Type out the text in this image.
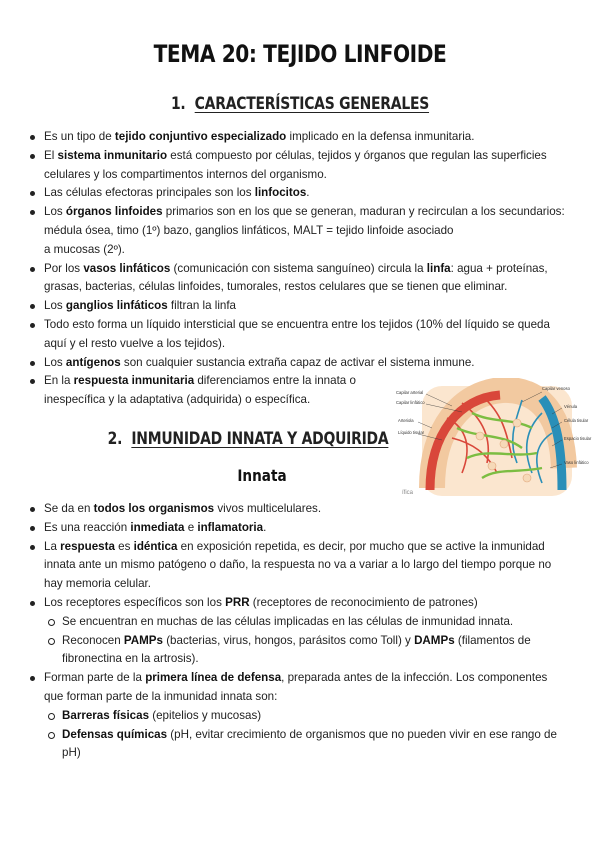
TEMA 20: TEJIDO LINFOIDE
1. CARACTERÍSTICAS GENERALES
Es un tipo de tejido conjuntivo especializado implicado en la defensa inmunitaria.
El sistema inmunitario está compuesto por células, tejidos y órganos que regulan las superficies celulares y los compartimentos internos del organismo.
Las células efectoras principales son los linfocitos.
Los órganos linfoides primarios son en los que se generan, maduran y recirculan a los secundarios: médula ósea, timo (1º) bazo, ganglios linfáticos, MALT = tejido linfoide asociado
a mucosas (2º).
Por los vasos linfáticos (comunicación con sistema sanguíneo) circula la linfa: agua + proteínas, grasas, bacterias, células linfoides, tumorales, restos celulares que se tienen que eliminar.
Los ganglios linfáticos filtran la linfa
Todo esto forma un líquido intersticial que se encuentra entre los tejidos (10% del líquido se queda aquí y el resto vuelve a los tejidos).
Los antígenos son cualquier sustancia extraña capaz de activar el sistema inmune.
En la respuesta inmunitaria diferenciamos entre la innata o inespecífica y la adaptativa (adquirida) o específica.
Capilar arterial
Capilar linfático
Arteriola
Líquido tisular
Capilar venoso
Vénula
Célula tisular
Espacio tisular
Vaso linfático
ífica
2. INMUNIDAD INNATA Y ADQUIRIDA
Innata
Se da en todos los organismos vivos multicelulares.
Es una reacción inmediata e inflamatoria.
La respuesta es idéntica en exposición repetida, es decir, por mucho que se active la inmunidad innata ante un mismo patógeno o daño, la respuesta no va a variar a lo largo del tiempo porque no hay memoria celular.
Los receptores específicos son los PRR (receptores de reconocimiento de patrones)
Se encuentran en muchas de las células implicadas en las células de inmunidad innata.
Reconocen PAMPs (bacterias, virus, hongos, parásitos como Toll) y DAMPs (filamentos de fibronectina en la artrosis).
Forman parte de la primera línea de defensa, preparada antes de la infección. Los componentes que forman parte de la inmunidad innata son:
Barreras físicas (epitelios y mucosas)
Defensas químicas (pH, evitar crecimiento de organismos que no pueden vivir en ese rango de pH)
